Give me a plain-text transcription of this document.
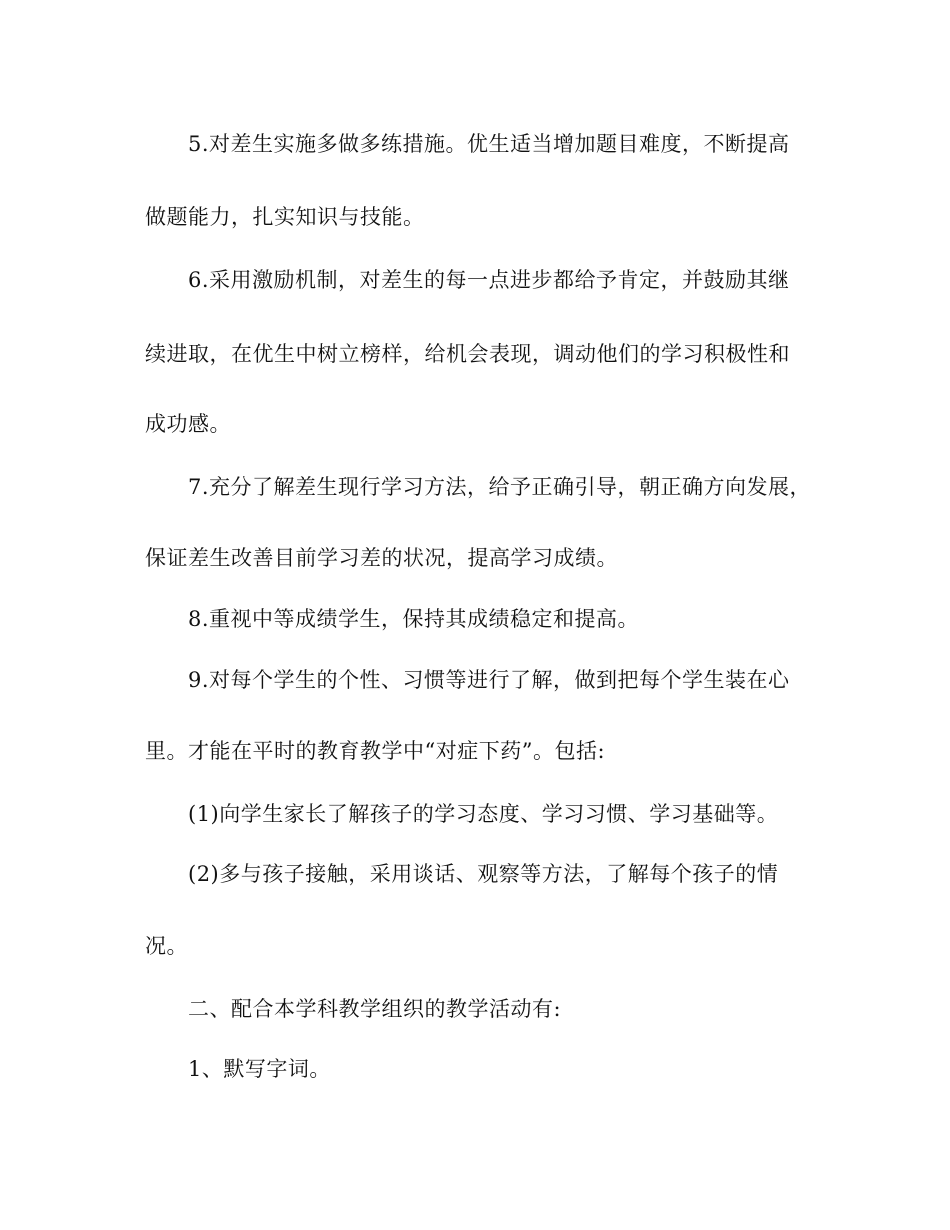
5.对差生实施多做多练措施。优生适当增加题目难度，不断提高
做题能力，扎实知识与技能。
6.采用激励机制，对差生的每一点进步都给予肯定，并鼓励其继
续进取，在优生中树立榜样，给机会表现，调动他们的学习积极性和
成功感。
7.充分了解差生现行学习方法，给予正确引导，朝正确方向发展，
保证差生改善目前学习差的状况，提高学习成绩。
8.重视中等成绩学生，保持其成绩稳定和提高。
9.对每个学生的个性、习惯等进行了解，做到把每个学生装在心
里。才能在平时的教育教学中“对症下药”。包括:
(1)向学生家长了解孩子的学习态度、学习习惯、学习基础等。
(2)多与孩子接触，采用谈话、观察等方法，了解每个孩子的情
况。
二、配合本学科教学组织的教学活动有:
1、默写字词。
